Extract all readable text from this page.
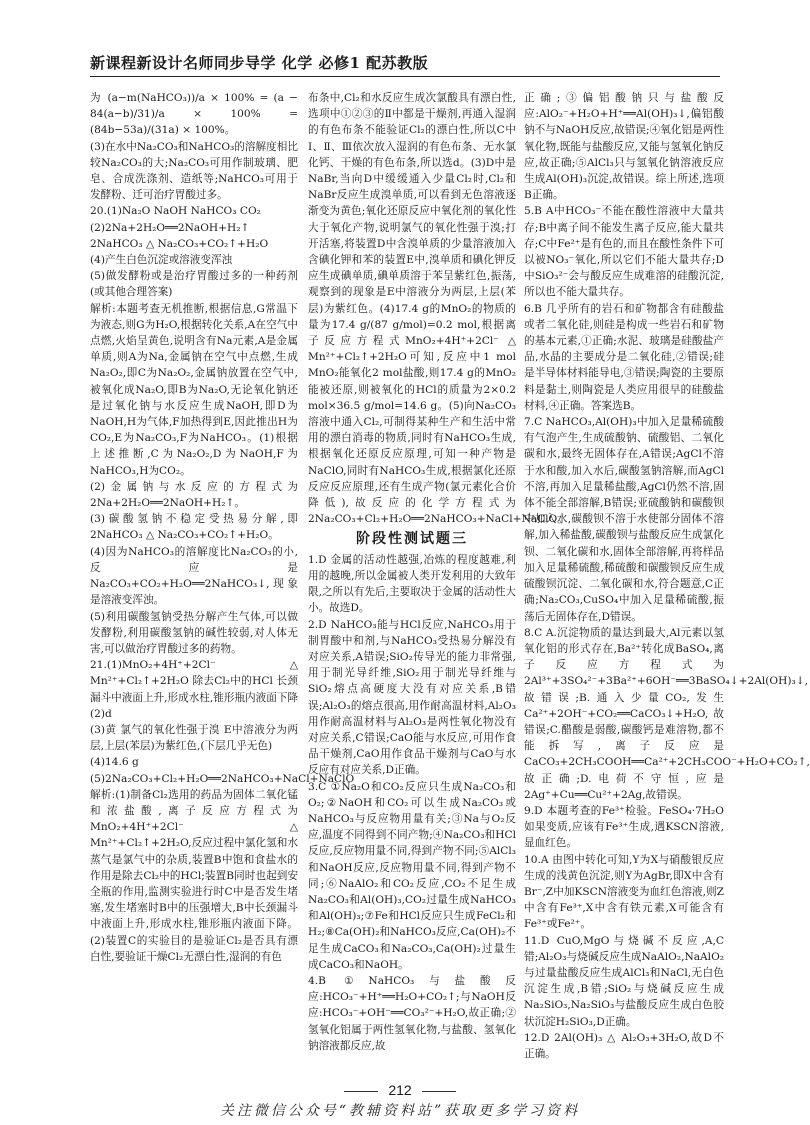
新课程新设计名师同步导学 化学 必修1 配苏教版

为 (a−m(NaHCO₃))/a × 100% = (a − 84(a−b)/31)/a × 100% = (84b−53a)/(31a) × 100%。

(3)在水中Na₂CO₃和NaHCO₃的溶解度相比较Na₂CO₃的大;Na₂CO₃可用作制玻璃、肥皂、合成洗涤剂、造纸等;NaHCO₃可用于发酵粉、迁可治疗胃酸过多。

20.(1)Na₂O NaOH NaHCO₃ CO₂

(2)2Na+2H₂O══2NaOH+H₂↑

2NaHCO₃ △ Na₂CO₃+CO₂↑+H₂O

(4)产生白色沉淀或溶液变浑浊

(5)做发酵粉或是治疗胃酸过多的一种药剂(或其他合理答案)

解析:本题考查无机推断,根据信息,G常温下为液态,则G为H₂O,根据转化关系,A在空气中点燃,火焰呈黄色,说明含有Na元素,A是金属单质,则A为Na,金属钠在空气中点燃,生成Na₂O₂,即C为Na₂O₂,金属钠放置在空气中,被氧化成Na₂O,即B为Na₂O,无论氧化钠还是过氧化钠与水反应生成NaOH,即D为NaOH,H为气体,F加热得到E,因此推出H为CO₂,E为Na₂CO₃,F为NaHCO₃。(1)根据上述推断,C为Na₂O₂,D为NaOH,F为NaHCO₃,H为CO₂。

(2)金属钠与水反应的方程式为2Na+2H₂O══2NaOH+H₂↑。

(3)碳酸氢钠不稳定受热易分解,即2NaHCO₃ △ Na₂CO₃+CO₂↑+H₂O。

(4)因为NaHCO₃的溶解度比Na₂CO₃的小,反应是Na₂CO₃+CO₂+H₂O══2NaHCO₃↓,现象是溶液变浑浊。

(5)利用碳酸氢钠受热分解产生气体,可以做发酵粉,利用碳酸氢钠的碱性较弱,对人体无害,可以做治疗胃酸过多的药物。

21.(1)MnO₂+4H⁺+2Cl⁻ △ Mn²⁺+Cl₂↑+2H₂O 除去Cl₂中的HCl 长颈漏斗中液面上升,形成水柱,锥形瓶内液面下降

(2)d

(3)黄 氯气的氧化性强于溴 E中溶液分为两层,上层(苯层)为紫红色,(下层几乎无色)

(4)14.6 g

(5)2Na₂CO₃+Cl₂+H₂O══2NaHCO₃+NaCl+NaClO

解析:(1)制备Cl₂选用的药品为固体二氧化锰和浓盐酸,离子反应方程式为MnO₂+4H⁺+2Cl⁻ △ Mn²⁺+Cl₂↑+2H₂O,反应过程中氯化氢和水蒸气是氯气中的杂质,装置B中饱和食盐水的作用是除去Cl₂中的HCl;装置B同时也起到安全瓶的作用,监测实验进行时C中是否发生堵塞,发生堵塞时B中的压强增大,B中长颈漏斗中液面上升,形成水柱,锥形瓶内液面下降。(2)装置C的实验目的是验证Cl₂是否具有漂白性,要验证干燥Cl₂无漂白性,湿润的有色

布条中,Cl₂和水反应生成次氯酸具有漂白性,选项中①②③的Ⅱ中都是干燥剂,再通入湿润的有色布条不能验证Cl₂的漂白性,所以C中Ⅰ、Ⅱ、Ⅲ依次放入湿润的有色布条、无水氯化钙、干燥的有色布条,所以选d。(3)D中是NaBr,当向D中缓缓通入少量Cl₂时,Cl₂和NaBr反应生成溴单质,可以看到无色溶液逐渐变为黄色;氧化还原反应中氧化剂的氧化性大于氧化产物,说明氯气的氧化性强于溴;打开活塞,将装置D中含溴单质的少量溶液加入含碘化钾和苯的装置E中,溴单质和碘化钾反应生成碘单质,碘单质溶于苯呈紫红色,振荡,观察到的现象是E中溶液分为两层,上层(苯层)为紫红色。(4)17.4 g的MnO₂的物质的量为17.4 g/(87 g/mol)=0.2 mol,根据离子反应方程式MnO₂+4H⁺+2Cl⁻ △ Mn²⁺+Cl₂↑+2H₂O可知,反应中1 mol MnO₂能氧化2 mol盐酸,则17.4 g的MnO₂能被还原,则被氧化的HCl的质量为2×0.2 mol×36.5 g/mol=14.6 g。(5)向Na₂CO₃溶液中通入Cl₂,可制得某种生产和生活中常用的漂白消毒的物质,同时有NaHCO₃生成,根据氧化还原反应原理,可知一种产物是NaClO,同时有NaHCO₃生成,根据氯化还原反应反应原理,还有生成产物(氯元素化合价降低),故反应的化学方程式为2Na₂CO₃+Cl₂+H₂O══2NaHCO₃+NaCl+NaClO。

阶段性测试题三

1.D 金属的活动性越强,冶炼的程度越难,利用的越晚,所以金属被人类开发利用的大致年限,之所以有先后,主要取决于金属的活动性大小。故选D。

2.D NaHCO₃能与HCl反应,NaHCO₃用于制胃酸中和剂,与NaHCO₃受热易分解没有对应关系,A错误;SiO₂传导光的能力非常强,用于制光导纤维,SiO₂用于制光导纤维与SiO₂熔点高硬度大没有对应关系,B错误;Al₂O₃的熔点很高,用作耐高温材料,Al₂O₃用作耐高温材料与Al₂O₃是两性氧化物没有对应关系,C错误;CaO能与水反应,可用作食品干燥剂,CaO用作食品干燥剂与CaO与水反应有对应关系,D正确。

3.C ①Na₂O和CO₂反应只生成Na₂CO₃和O₂;②NaOH和CO₂可以生成Na₂CO₃或NaHCO₃与反应物用量有关;③Na与O₂反应,温度不同得到不同产物;④Na₂CO₃和HCl反应,反应物用量不同,得到产物不同;⑤AlCl₃和NaOH反应,反应物用量不同,得到产物不同;⑥NaAlO₂和CO₂反应,CO₂不足生成Na₂CO₃和Al(OH)₃,CO₂过量生成NaHCO₃和Al(OH)₃;⑦Fe和HCl反应只生成FeCl₂和H₂;⑧Ca(OH)₂和NaHCO₃反应,Ca(OH)₂不足生成CaCO₃和Na₂CO₃,Ca(OH)₂过量生成CaCO₃和NaOH。

4.B ①NaHCO₃与盐酸反应:HCO₃⁻+H⁺══H₂O+CO₂↑;与NaOH反应:HCO₃⁻+OH⁻══CO₃²⁻+H₂O,故正确;②氢氧化铝属于两性氢氧化物,与盐酸、氢氧化钠溶液都反应,故

正确;③偏铝酸钠只与盐酸反应:AlO₂⁻+H₂O+H⁺══Al(OH)₃↓,偏铝酸钠不与NaOH反应,故错误;④氧化铝是两性氧化物,既能与盐酸反应,又能与氢氧化钠反应,故正确;⑤AlCl₃只与氢氧化钠溶液反应生成Al(OH)₃沉淀,故错误。综上所述,选项B正确。

5.B A中HCO₃⁻不能在酸性溶液中大量共存;B中离子间不能发生离子反应,能大量共存;C中Fe²⁺是有色的,而且在酸性条件下可以被NO₃⁻氧化,所以它们不能大量共存;D中SiO₃²⁻会与酸反应生成难溶的硅酸沉淀,所以也不能大量共存。

6.B 几乎所有的岩石和矿物都含有硅酸盐或者二氧化硅,则硅是构成一些岩石和矿物的基本元素,①正确;水泥、玻璃是硅酸盐产品,水晶的主要成分是二氧化硅,②错误;硅是半导体材料能导电,③错误;陶瓷的主要原料是黏土,则陶瓷是人类应用很早的硅酸盐材料,④正确。答案选B。

7.C NaHCO₃,Al(OH)₃中加入足量稀硫酸有气泡产生,生成硫酸钠、硫酸铝、二氧化碳和水,最终无固体存在,A错误;AgCl不溶于水和酸,加入水后,碳酸氢钠溶解,而AgCl不溶,再加入足量稀盐酸,AgCl仍然不溶,固体不能全部溶解,B错误;亚硫酸钠和碳酸钡中加入水,碳酸钡不溶于水使部分固体不溶解,加入稀盐酸,碳酸钡与盐酸反应生成氯化钡、二氧化碳和水,固体全部溶解,再将样品加入足量稀硫酸,稀硫酸和碳酸钡反应生成硫酸钡沉淀、二氧化碳和水,符合题意,C正确;Na₂CO₃,CuSO₄中加入足量稀硫酸,振荡后无固体存在,D错误。

8.C A.沉淀物质的量达到最大,Al元素以氢氧化铝的形式存在,Ba²⁺转化成BaSO₄,离子反应方程式为2Al³⁺+3SO₄²⁻+3Ba²⁺+6OH⁻══3BaSO₄↓+2Al(OH)₃↓,故错误;B.通入少量CO₂,发生Ca²⁺+2OH⁻+CO₂══CaCO₃↓+H₂O,故错误;C.醋酸是弱酸,碳酸钙是难溶物,都不能拆写,离子反应是CaCO₃+2CH₃COOH══Ca²⁺+2CH₃COO⁻+H₂O+CO₂↑,故正确;D.电荷不守恒,应是2Ag⁺+Cu══Cu²⁺+2Ag,故错误。

9.D 本题考查的Fe³⁺检验。FeSO₄·7H₂O如果变质,应该有Fe³⁺生成,遇KSCN溶液,显血红色。

10.A 由图中转化可知,Y为X与硝酸银反应生成的浅黄色沉淀,则Y为AgBr,即X中含有Br⁻,Z中加KSCN溶液变为血红色溶液,则Z中含有Fe³⁺,X中含有铁元素,X可能含有Fe³⁺或Fe²⁺。

11.D CuO,MgO与烧碱不反应,A,C错;Al₂O₃与烧碱反应生成NaAlO₂,NaAlO₂与过量盐酸反应生成AlCl₃和NaCl,无白色沉淀生成,B错;SiO₂与烧碱反应生成Na₂SiO₃,Na₂SiO₃与盐酸反应生成白色胶状沉淀H₂SiO₃,D正确。

12.D 2Al(OH)₃ △ Al₂O₃+3H₂O,故D不正确。

212
关注微信公众号“教辅资料站”获取更多学习资料
